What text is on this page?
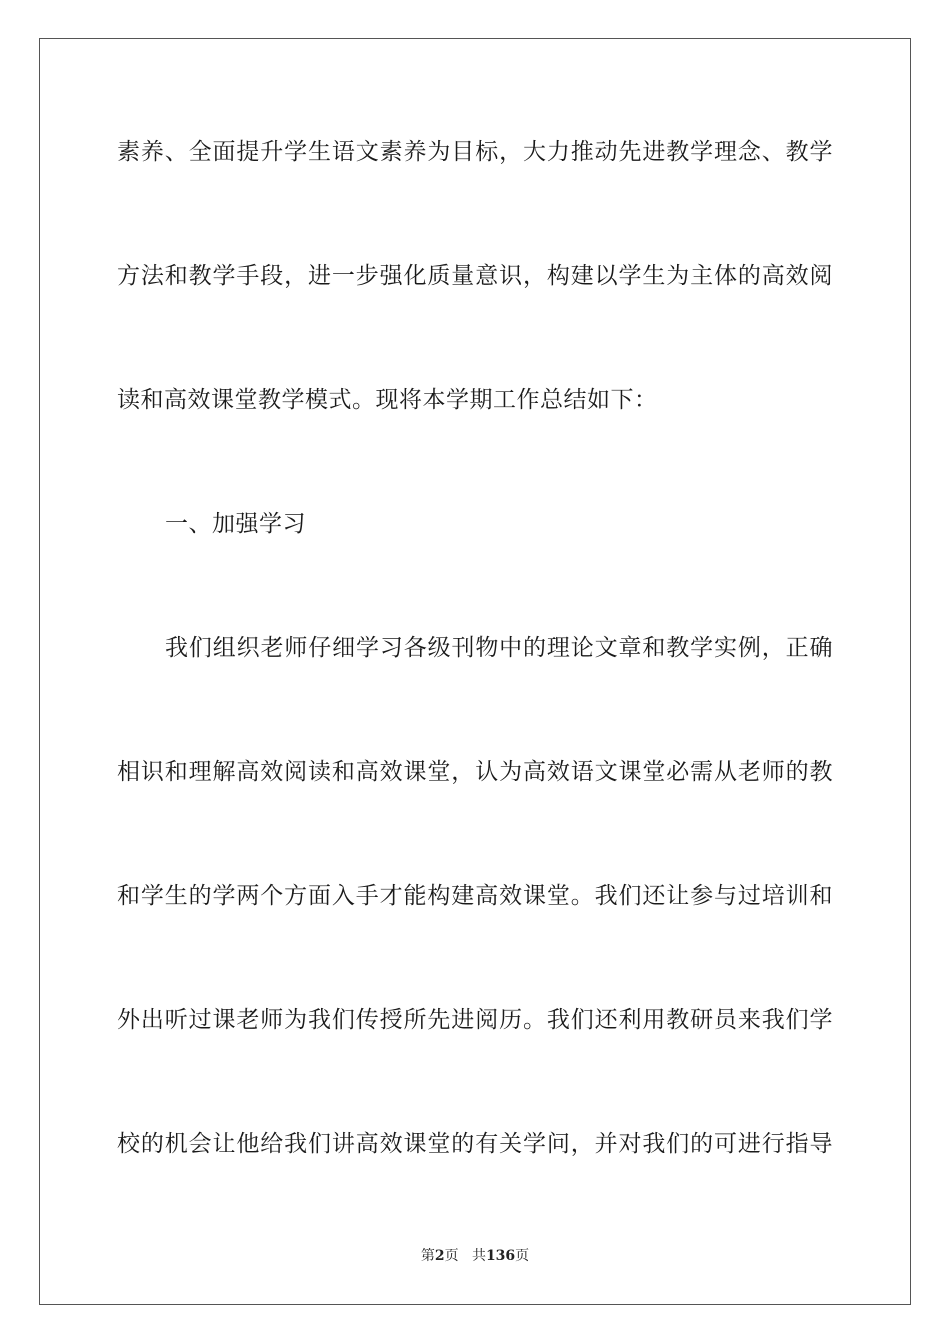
素养、全面提升学生语文素养为目标，大力推动先进教学理念、教学
方法和教学手段，进一步强化质量意识，构建以学生为主体的高效阅
读和高效课堂教学模式。现将本学期工作总结如下：
一、加强学习
我们组织老师仔细学习各级刊物中的理论文章和教学实例，正确
相识和理解高效阅读和高效课堂，认为高效语文课堂必需从老师的教
和学生的学两个方面入手才能构建高效课堂。我们还让参与过培训和
外出听过课老师为我们传授所先进阅历。我们还利用教研员来我们学
校的机会让他给我们讲高效课堂的有关学问，并对我们的可进行指导
第2页 共136页
